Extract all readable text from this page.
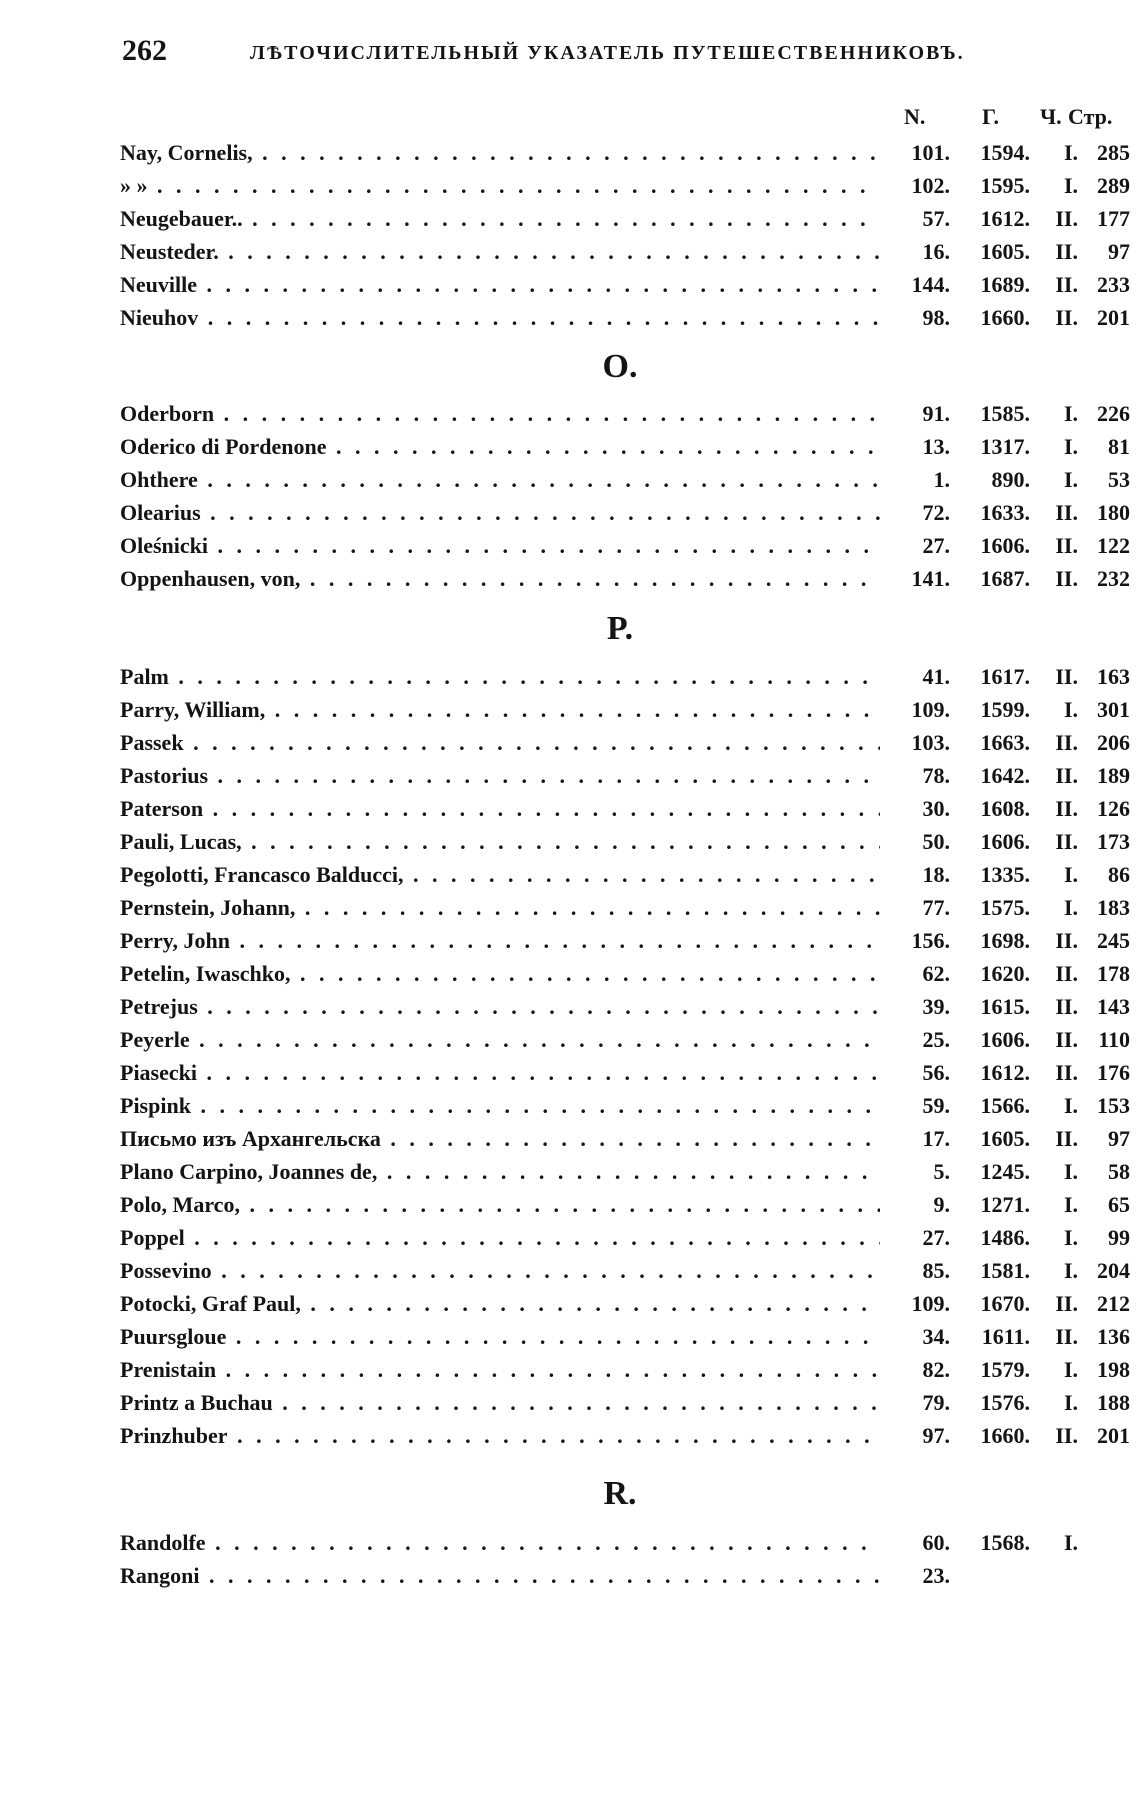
262	ЛѢТОЧИСЛИТЕЛЬНЫЙ УКАЗАТЕЛЬ ПУТЕШЕСТВЕННИКОВЪ.
N.	Г. Ч. Стр.
Nay, Cornelis, . . .	101.	1594.	I. 285
» » . . .	102.	1595.	I. 289
Neugebauer.. . . .	57.	1612.	II. 177
Neusteder. . . .	16.	1605.	II.	97
Neuville . . .	144.	1689.	II. 233
Nieuhov . . .	98.	1660.	II. 201
O.
Oderborn . . .	91.	1585.	I. 226
Oderico di Pordenone . . .	13.	1317.	I.	81
Ohthere . . .	1.	890.	I.	53
Olearius . . .	72.	1633.	II. 180
Oleśnicki . . .	27.	1606.	II. 122
Oppenhausen, von, . . .	141.	1687.	II. 232
P.
Palm . . .	41.	1617.	II. 163
Parry, William, . . .	109.	1599.	I. 301
Passek . . .	103.	1663.	II. 206
Pastorius . . .	78.	1642.	II. 189
Paterson . . .	30.	1608.	II. 126
Pauli, Lucas, . . .	50.	1606.	II. 173
Pegolotti, Francasco Balducci, . . .	18.	1335.	I.	86
Pernstein, Johann, . . .	77.	1575.	I. 183
Perry, John . . .	156.	1698.	II. 245
Petelin, Iwaschko, . . .	62.	1620.	II. 178
Petrejus . . .	39.	1615.	II. 143
Peyerle . . .	25.	1606.	II. 110
Piasecki . . .	56.	1612.	II. 176
Pispink . . .	59.	1566.	I. 153
Письмо изъ Архангельска . . .	17.	1605.	II.	97
Plano Carpino, Joannes de, . . .	5.	1245.	I.	58
Polo, Marco, . . .	9.	1271.	I.	65
Poppel . . .	27.	1486.	I.	99
Possevino . . .	85.	1581.	I. 204
Potocki, Graf Paul, . . .	109.	1670.	II. 212
Puursgloue . . .	34.	1611.	II. 136
Prenistain . . .	82.	1579.	I. 198
Printz a Buchau . . .	79.	1576.	I. 188
Prinzhuber . . .	97.	1660.	II. 201
R.
Randolfe . . .	60.	1568.	I.
Rangoni . . .	23.
